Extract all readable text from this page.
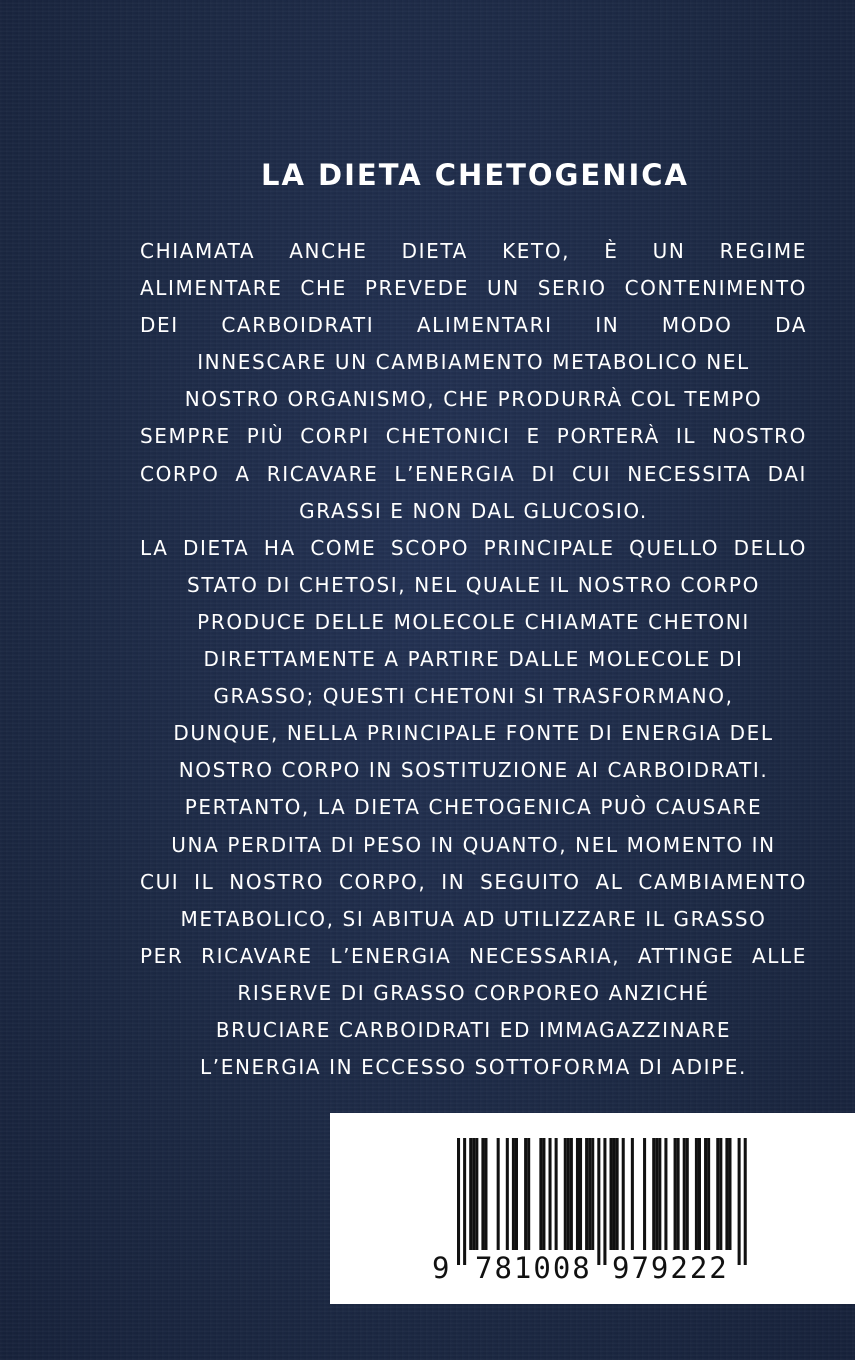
LA DIETA CHETOGENICA
CHIAMATA ANCHE DIETA KETO, È UN REGIME
ALIMENTARE CHE PREVEDE UN SERIO CONTENIMENTO
DEI CARBOIDRATI ALIMENTARI IN MODO DA
INNESCARE UN CAMBIAMENTO METABOLICO NEL
NOSTRO ORGANISMO, CHE PRODURRÀ COL TEMPO
SEMPRE PIÙ CORPI CHETONICI E PORTERÀ IL NOSTRO
CORPO A RICAVARE L’ENERGIA DI CUI NECESSITA DAI
GRASSI E NON DAL GLUCOSIO.
LA DIETA HA COME SCOPO PRINCIPALE QUELLO DELLO
STATO DI CHETOSI, NEL QUALE IL NOSTRO CORPO
PRODUCE DELLE MOLECOLE CHIAMATE CHETONI
DIRETTAMENTE A PARTIRE DALLE MOLECOLE DI
GRASSO; QUESTI CHETONI SI TRASFORMANO,
DUNQUE, NELLA PRINCIPALE FONTE DI ENERGIA DEL
NOSTRO CORPO IN SOSTITUZIONE AI CARBOIDRATI.
PERTANTO, LA DIETA CHETOGENICA PUÒ CAUSARE
UNA PERDITA DI PESO IN QUANTO, NEL MOMENTO IN
CUI IL NOSTRO CORPO, IN SEGUITO AL CAMBIAMENTO
METABOLICO, SI ABITUA AD UTILIZZARE IL GRASSO
PER RICAVARE L’ENERGIA NECESSARIA, ATTINGE ALLE
RISERVE DI GRASSO CORPOREO ANZICHÉ
BRUCIARE CARBOIDRATI ED IMMAGAZZINARE
L’ENERGIA IN ECCESSO SOTTOFORMA DI ADIPE.
9 781008 979222
